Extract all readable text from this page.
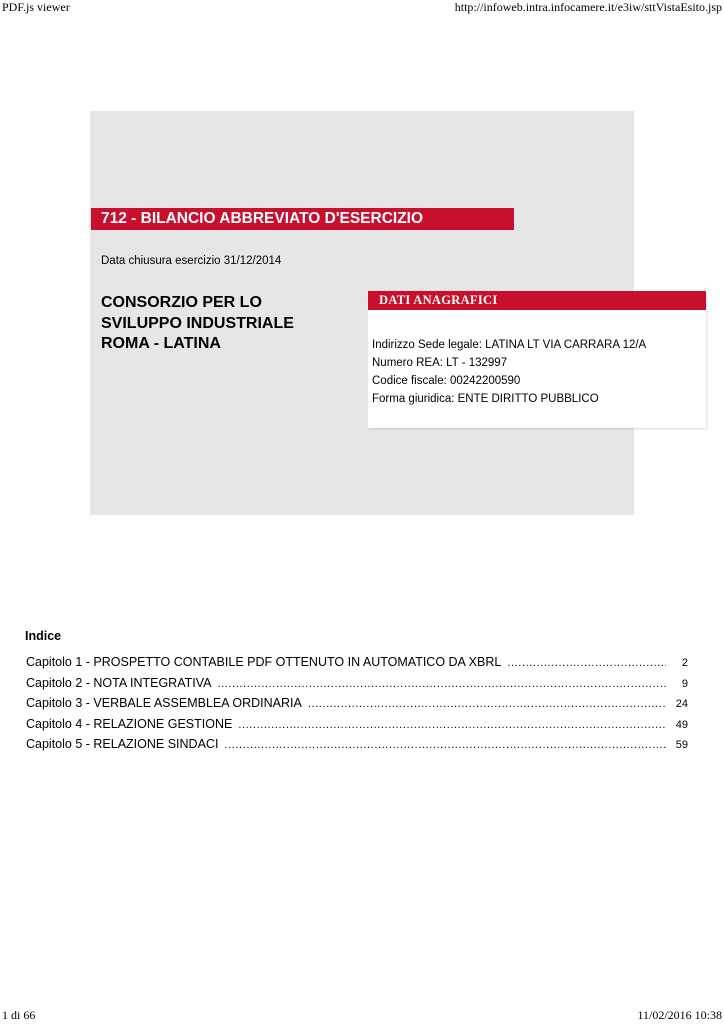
PDF.js viewer	http://infoweb.intra.infocamere.it/e3iw/sttVistaEsito.jsp
712 - BILANCIO ABBREVIATO D'ESERCIZIO
Data chiusura esercizio 31/12/2014
CONSORZIO PER LO
SVILUPPO INDUSTRIALE
ROMA - LATINA
DATI ANAGRAFICI
Indirizzo Sede legale: LATINA LT VIA CARRARA 12/A
Numero REA: LT - 132997
Codice fiscale: 00242200590
Forma giuridica: ENTE DIRITTO PUBBLICO
Indice
Capitolo 1 - PROSPETTO CONTABILE PDF OTTENUTO IN AUTOMATICO DA XBRL .....	2
Capitolo 2 - NOTA INTEGRATIVA .....	9
Capitolo 3 - VERBALE ASSEMBLEA ORDINARIA .....	24
Capitolo 4 - RELAZIONE GESTIONE .....	49
Capitolo 5 - RELAZIONE SINDACI .....	59
1 di 66	11/02/2016 10:38
